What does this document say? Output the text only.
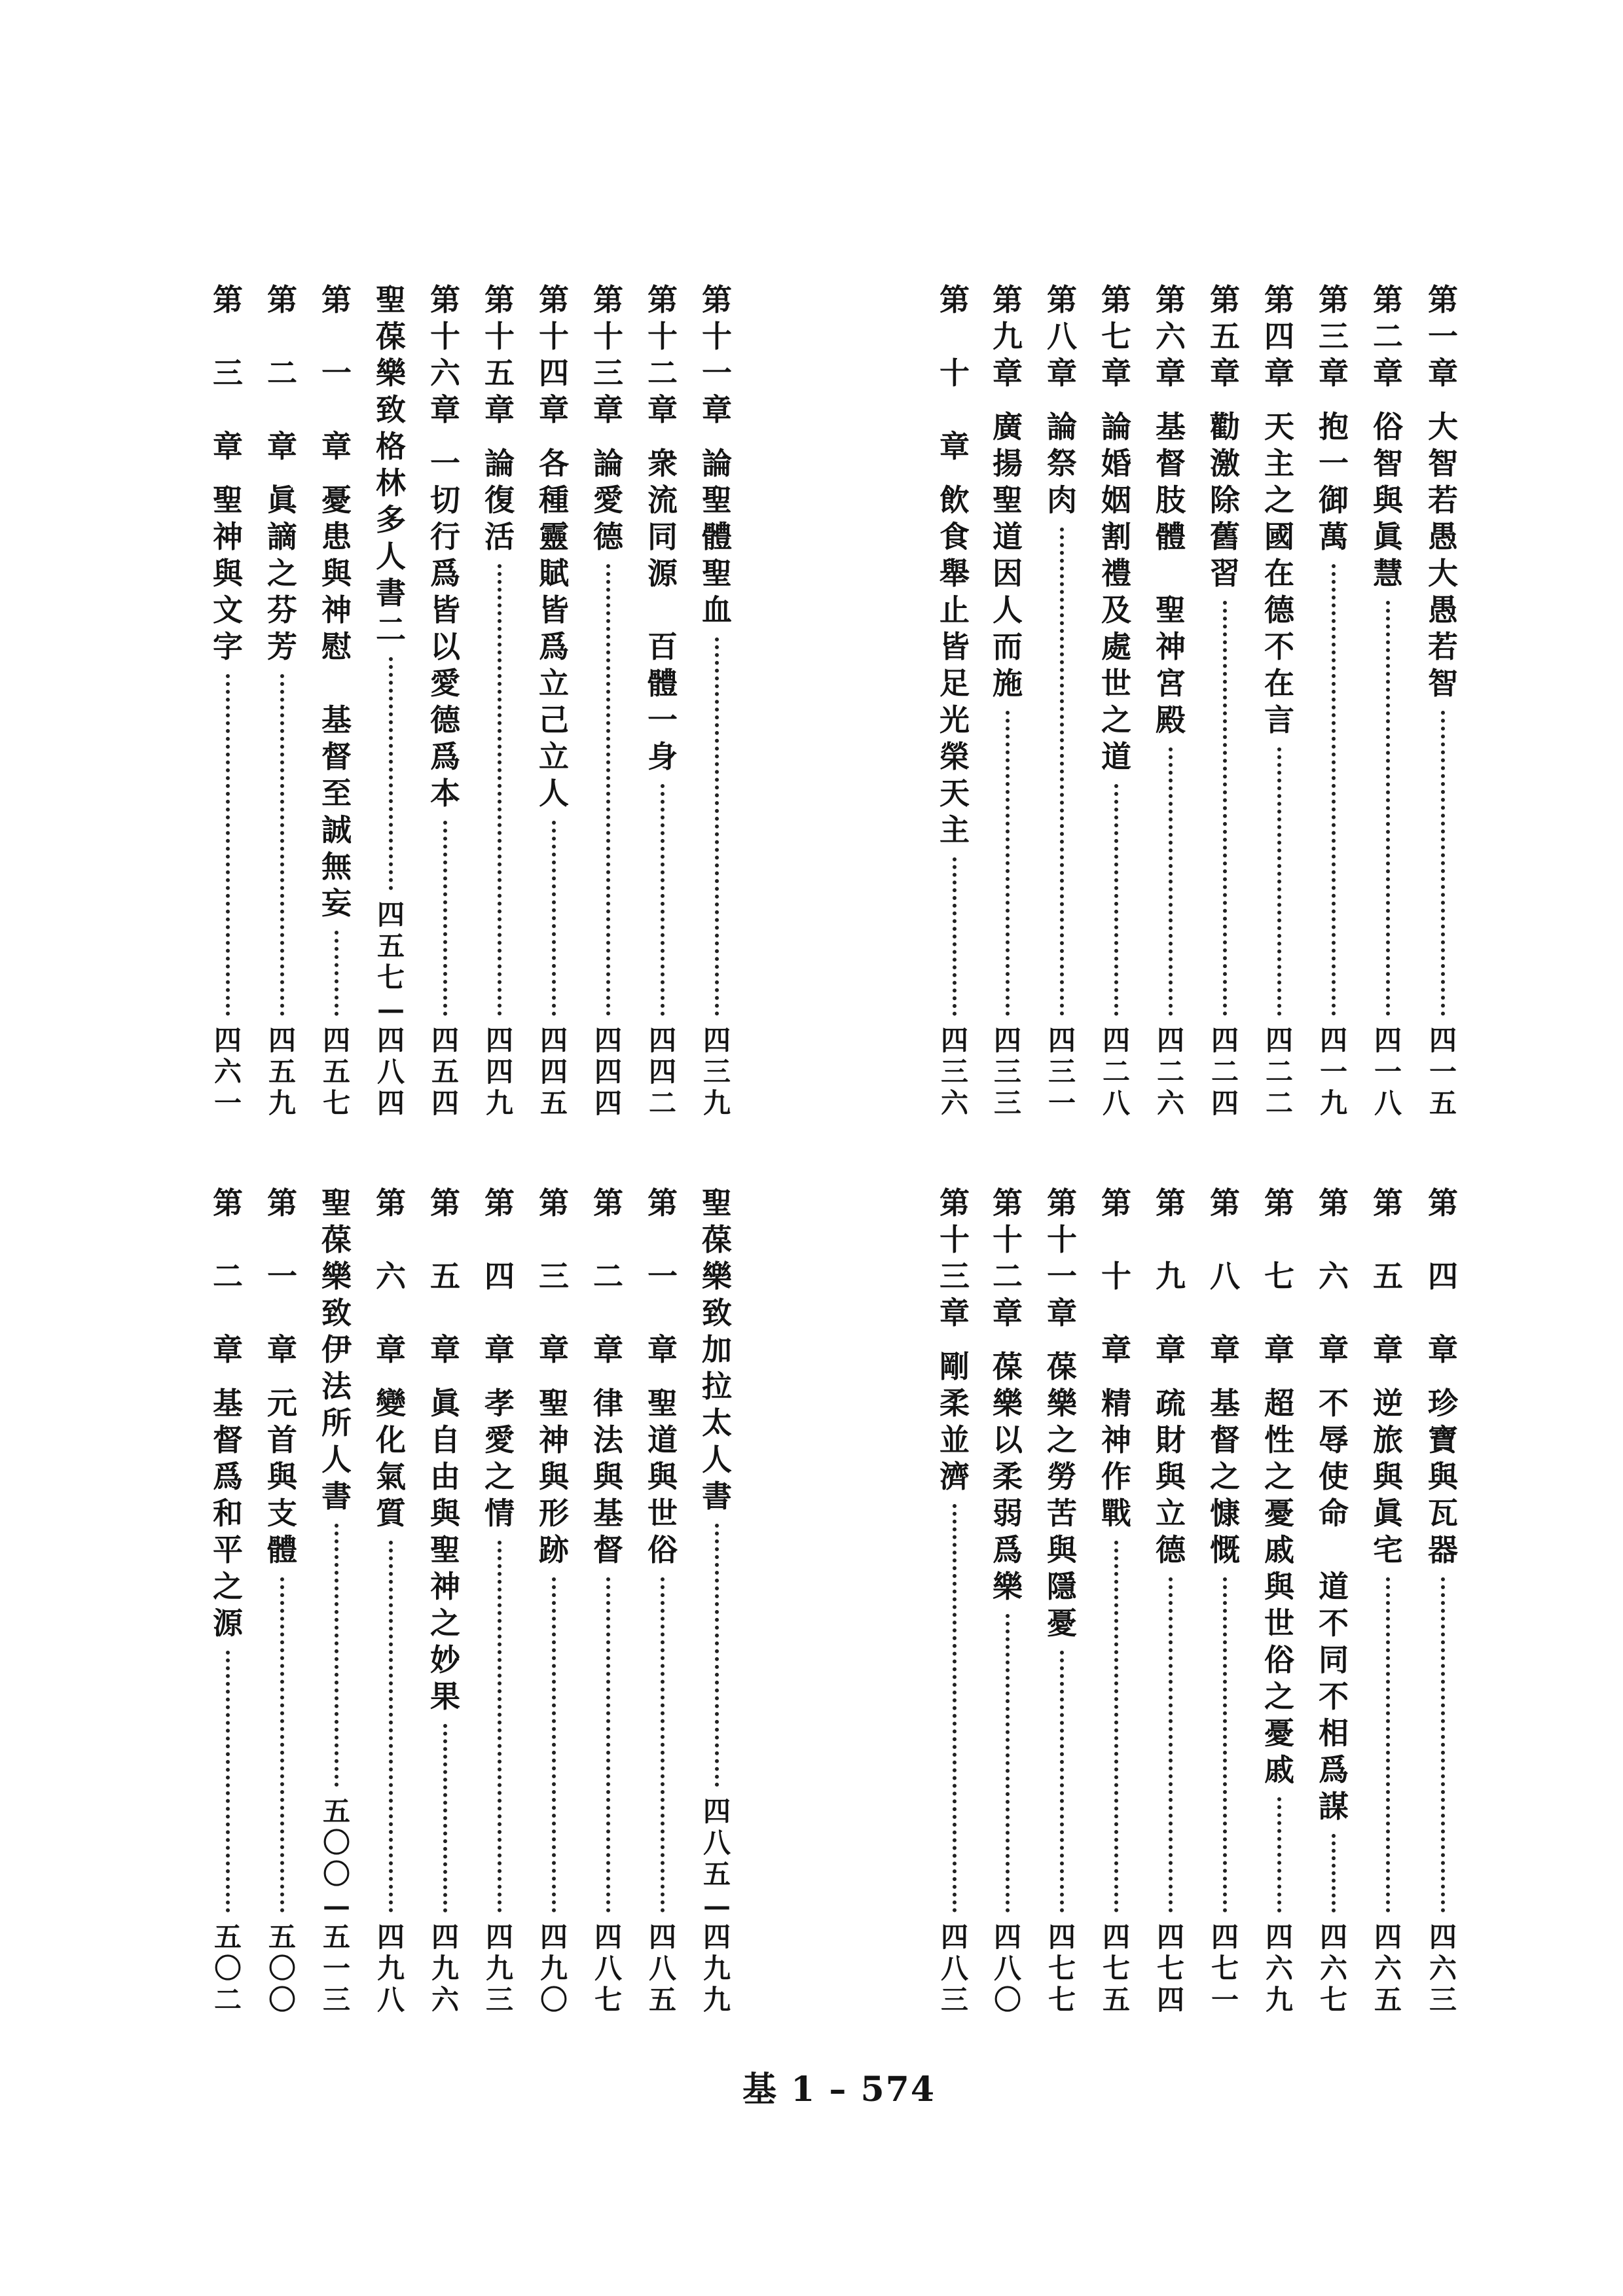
第
一
章
大
智
若
愚
大
愚
若
智
四
一
五
第
二
章
俗
智
與
眞
慧
四
一
八
第
三
章
抱
一
御
萬
四
一
九
第
四
章
天
主
之
國
在
德
不
在
言
四
二
二
第
五
章
勸
激
除
舊
習
四
二
四
第
六
章
基
督
肢
體

聖
神
宮
殿
四
二
六
第
七
章
論
婚
姻
割
禮
及
處
世
之
道
四
二
八
第
八
章
論
祭
肉
四
三
一
第
九
章
廣
揚
聖
道
因
人
而
施
四
三
三
第

十

章
飲
食
舉
止
皆
足
光
榮
天
主
四
三
六
第
十
一
章
論
聖
體
聖
血
四
三
九
第
十
二
章
衆
流
同
源

百
體
一
身
四
四
二
第
十
三
章
論
愛
德
四
四
四
第
十
四
章
各
種
靈
賦
皆
爲
立
己
立
人
四
四
五
第
十
五
章
論
復
活
四
四
九
第
十
六
章
一
切
行
爲
皆
以
愛
德
爲
本
四
五
四
聖
葆
樂
致
格
林
多
人
書
二
四
五
七
—
四
八
四
第

一

章
憂
患
與
神
慰

基
督
至
誠
無
妄
四
五
七
第

二

章
眞
謫
之
芬
芳
四
五
九
第

三

章
聖
神
與
文
字
四
六
一
第

四

章
珍
寶
與
瓦
器
四
六
三
第

五

章
逆
旅
與
眞
宅
四
六
五
第

六

章
不
辱
使
命

道
不
同
不
相
爲
謀
四
六
七
第

七

章
超
性
之
憂
戚
與
世
俗
之
憂
戚
四
六
九
第

八

章
基
督
之
慷
慨
四
七
一
第

九

章
疏
財
與
立
德
四
七
四
第

十

章
精
神
作
戰
四
七
五
第
十
一
章
葆
樂
之
勞
苦
與
隱
憂
四
七
七
第
十
二
章
葆
樂
以
柔
弱
爲
樂
四
八
〇
第
十
三
章
剛
柔
並
濟
四
八
三
聖
葆
樂
致
加
拉
太
人
書
四
八
五
—
四
九
九
第

一

章
聖
道
與
世
俗
四
八
五
第

二

章
律
法
與
基
督
四
八
七
第

三

章
聖
神
與
形
跡
四
九
〇
第

四

章
孝
愛
之
情
四
九
三
第

五

章
眞
自
由
與
聖
神
之
妙
果
四
九
六
第

六

章
變
化
氣
質
四
九
八
聖
葆
樂
致
伊
法
所
人
書
五
〇
〇
—
五
一
三
第

一

章
元
首
與
支
體
五
〇
〇
第

二

章
基
督
爲
和
平
之
源
五
〇
二
基 1 – 574
